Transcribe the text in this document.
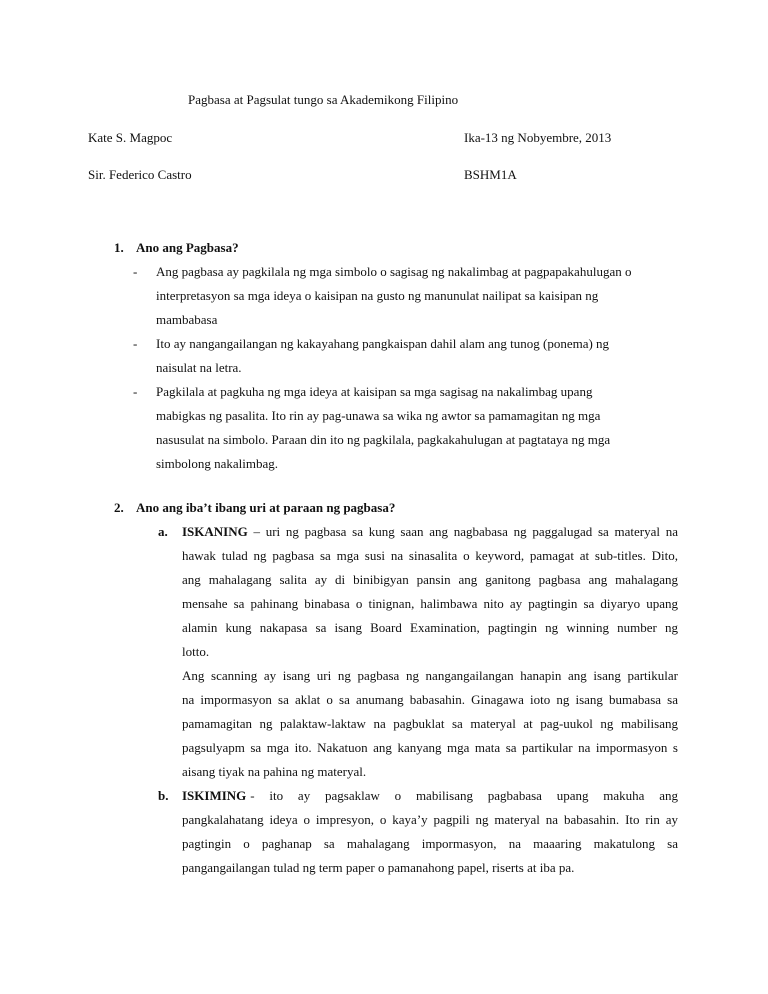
Pagbasa at Pagsulat tungo sa Akademikong Filipino
Kate S. Magpoc	Ika-13 ng Nobyembre, 2013
Sir. Federico Castro	BSHM1A
1. Ano ang Pagbasa?
- Ang pagbasa ay pagkilala ng mga simbolo o sagisag ng nakalimbag at pagpapakahulugan o
interpretasyon sa mga ideya o kaisipan na gusto ng manunulat nailipat sa kaisipan ng
mambabasa
- Ito ay nangangailangan ng kakayahang pangkaispan dahil alam ang tunog (ponema) ng
naisulat na letra.
- Pagkilala at pagkuha ng mga ideya at kaisipan sa mga sagisag na nakalimbag upang
mabigkas ng pasalita. Ito rin ay pag-unawa sa wika ng awtor sa pamamagitan ng mga
nasusulat na simbolo. Paraan din ito ng pagkilala, pagkakahulugan at pagtataya ng mga
simbolong nakalimbag.
2. Ano ang iba’t ibang uri at paraan ng pagbasa?
a. ISKANING – uri ng pagbasa sa kung saan ang nagbabasa ng paggalugad sa materyal na
hawak tulad ng pagbasa sa mga susi na sinasalita o keyword, pamagat at sub-titles. Dito,
ang mahalagang salita ay di binibigyan pansin ang ganitong pagbasa ang mahalagang
mensahe sa pahinang binabasa o tinignan, halimbawa nito ay pagtingin sa diyaryo upang
alamin kung nakapasa sa isang Board Examination, pagtingin ng winning number ng
lotto.
Ang scanning ay isang uri ng pagbasa ng nangangailangan hanapin ang isang partikular
na impormasyon sa aklat o sa anumang babasahin. Ginagawa ioto ng isang bumabasa sa
pamamagitan ng palaktaw-laktaw na pagbuklat sa materyal at pag-uukol ng mabilisang
pagsulyapm sa mga ito. Nakatuon ang kanyang mga mata sa partikular na impormasyon s
aisang tiyak na pahina ng materyal.
b. ISKIMING - ito ay pagsaklaw o mabilisang pagbabasa upang makuha ang
pangkalahatang ideya o impresyon, o kaya’y pagpili ng materyal na babasahin. Ito rin ay
pagtingin o paghanap sa mahalagang impormasyon, na maaaring makatulong sa
pangangailangan tulad ng term paper o pamanahong papel, riserts at iba pa.
